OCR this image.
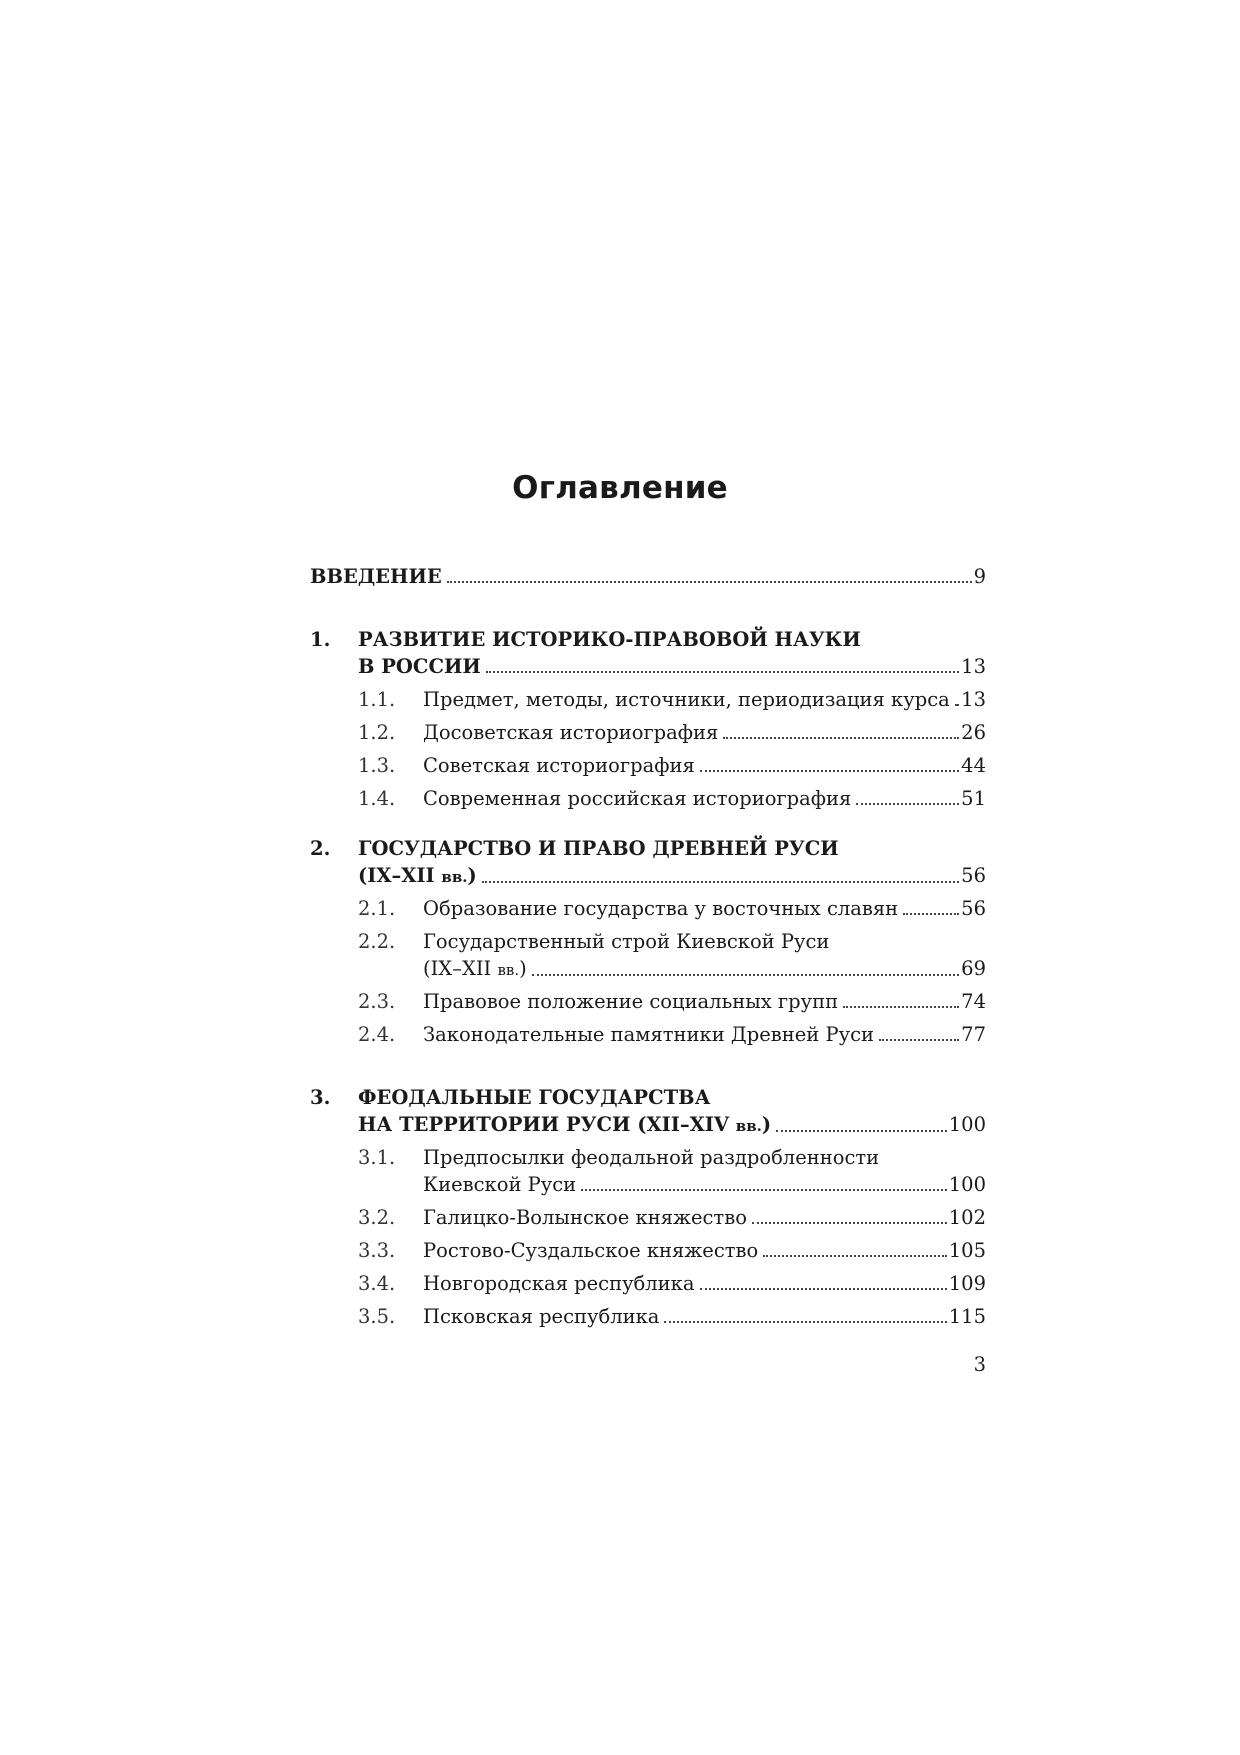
Оглавление
ВВЕДЕНИЕ	9
1. РАЗВИТИЕ ИСТОРИКО-ПРАВОВОЙ НАУКИ
В РОССИИ	13
1.1. Предмет, методы, источники, периодизация курса 13
1.2. Досоветская историография	26
1.3. Советская историография	44
1.4. Современная российская историография	51
2. ГОСУДАРСТВО И ПРАВО ДРЕВНЕЙ РУСИ
(IX–XII вв.)	56
2.1. Образование государства у восточных славян	56
2.2. Государственный строй Киевской Руси
(IX–XII вв.)	69
2.3. Правовое положение социальных групп	74
2.4. Законодательные памятники Древней Руси	77
3. ФЕОДАЛЬНЫЕ ГОСУДАРСТВА
НА ТЕРРИТОРИИ РУСИ (XII–XIV вв.)	100
3.1. Предпосылки феодальной раздробленности
Киевской Руси	100
3.2. Галицко-Волынское княжество	102
3.3. Ростово-Суздальское княжество	105
3.4. Новгородская республика	109
3.5. Псковская республика	115
3
